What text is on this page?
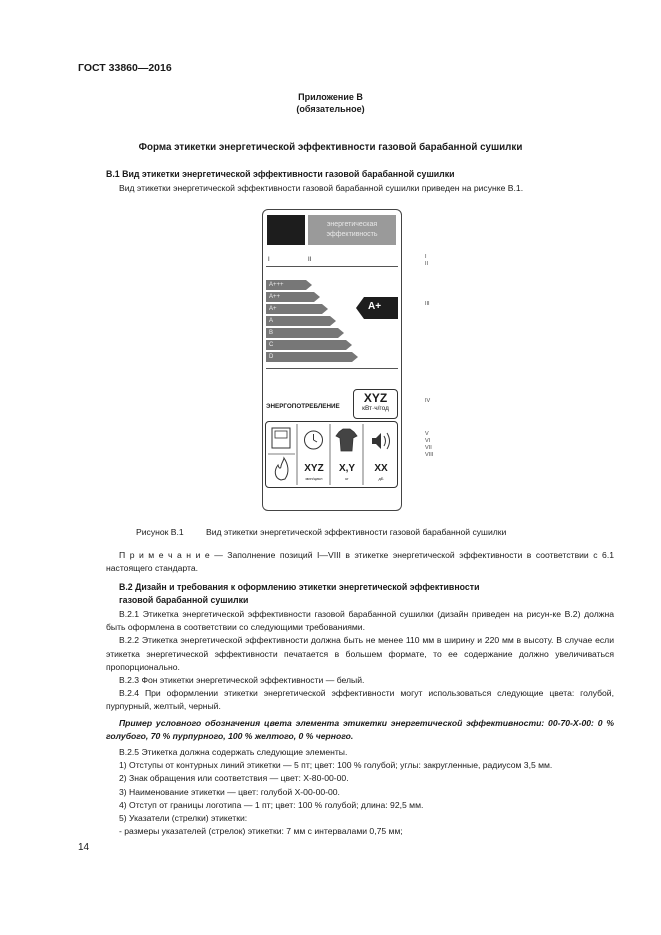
ГОСТ 33860—2016
Приложение В
(обязательное)
Форма этикетки энергетической эффективности газовой барабанной сушилки
В.1 Вид этикетки энергетической эффективности газовой барабанной сушилки
Вид этикетки энергетической эффективности газовой барабанной сушилки приведен на рисунке В.1.
энергетическая эффективность
I	II
A+++
A++
A+
A
B
C
D
A+
ЭНЕРГОПОТРЕБЛЕНИЕ
XYZ
кВт·ч/год
XYZ
мин/цикл
X,Y
кг
XX
дБ
I
II
III
IV
V
VI
VII
VIII
Рисунок В.1	Вид этикетки энергетической эффективности газовой барабанной сушилки

П р и м е ч а н и е — Заполнение позиций I—VIII в этикетке энергетической эффективности в соответствии с 6.1 настоящего стандарта.

В.2 Дизайн и требования к оформлению этикетки энергетической эффективности
газовой барабанной сушилки

В.2.1 Этикетка энергетической эффективности газовой барабанной сушилки (дизайн приведен на рисун-ке В.2) должна быть оформлена в соответствии со следующими требованиями.

В.2.2 Этикетка энергетической эффективности должна быть не менее 110 мм в ширину и 220 мм в высоту. В случае если этикетка энергетической эффективности печатается в большем формате, то ее содержание должно увеличиваться пропорционально.

В.2.3 Фон этикетки энергетической эффективности — белый.

В.2.4 При оформлении этикетки энергетической эффективности могут использоваться следующие цвета: голубой, пурпурный, желтый, черный.

Пример условного обозначения цвета элемента этикетки энергетической эффективности: 00-70-Х-00: 0 % голубого, 70 % пурпурного, 100 % желтого, 0 % черного.

В.2.5 Этикетка должна содержать следующие элементы.

1) Отступы от контурных линий этикетки — 5 пт; цвет: 100 % голубой; углы: закругленные, радиусом 3,5 мм.

2) Знак обращения или соответствия — цвет: Х-80-00-00.

3) Наименование этикетки — цвет: голубой Х-00-00-00.

4) Отступ от границы логотипа — 1 пт; цвет: 100 % голубой; длина: 92,5 мм.

5) Указатели (стрелки) этикетки:

- размеры указателей (стрелок) этикетки: 7 мм с интервалами 0,75 мм;

14
